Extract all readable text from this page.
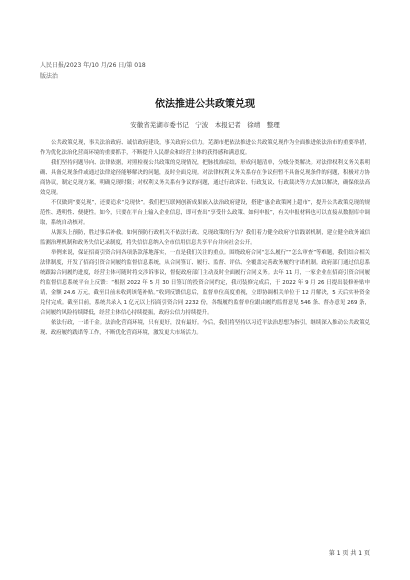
人民日报/2023 年/10 月/26 日/第 018
版法治
依法推进公共政策兑现
安徽省芜湖市委书记　宁波　本报记者　徐靖　整理

公共政策兑现，事关法治政府、诚信政府建设，事关政府公信力。芜湖市把依法推进公共政策兑现作为全面推进依法治市的重要举措，作为优化法治化营商环境的重要抓手，不断提升人民群众和经营主体的获得感和满意度。

我们坚持问题导向、法律依据，对照检视公共政策的兑现情况，把脉找准症结，形成问题清单，分级分类解决。对法律权利义务关系明确、具备兑现条件或通过法律途径能够解决的问题，及时全面兑现。对法律权利义务关系存在争议但暂不具备兑现条件的问题，积极对方协商协议，制定兑现方案，明确兑现时限；对权利义务关系有争议的问题，通过行政诉讼、行政复议、行政裁决等方式加以解决，确保依法高效兑现。

不仅做到“要兑现”，还要追求“兑现快”。我们把互联网创新成果嵌入法治政府建设，搭建“惠企政策网上超市”，提升公共政策兑现的规范性、透明性、便捷性。如今，只要在平台上输入企业信息，即可查出“享受什么政策、如何申报”，有关申报材料也可以直接从数据库中调取，系统自动核对。

从源头上预防，胜过事后补救。如何预防行政机关不依法行政、兑现政策的行为？我们着力健全政府守信践诺机制，建立健全政务诚信监测治理机制和政务失信记录制度，将失信信息纳入全市信用信息共享平台并向社会公开。

举例来说，保证招商引资合同各项条款落地落实，一直是我们关注的重点。围绕政府合同“怎么履行”“怎么审查”等难题，我们结合相关法律制度，开发了招商引资合同履约监督信息系统，从合同签订、履行、监督、评估、全覆盖完善政务履约守诺机制。政府部门通过信息系统跟踪合同履约进度，经营主体可随时将交涉诉事议，督促政府部门主动及时全面履行合同义务。去年 11 月，一家企业在招商引资合同履约监督信息系统平台上反馈：“根据 2022 年 5 月 30 日签订的投资合同约定，我司装修完成后，于 2022 年 9 月 26 日提出装修补贴申请，金额 24.6 万元，截至目前未收到该笔补贴。”收到反馈信息后，监督单位高度重视，立即协调相关单位于 12 月解决，5 天后实补资金兑付完成。截至目前，系统共录入 1 亿元以上招商引资合同 2232 份，各级履约监督单位跟由履约监督意见 546 条、督办意见 269 条，合同履约风险持续降低，经营主体信心持续提振，政府公信力持续提升。

依法行政，一诺千金。法治化营商环境，只有更好，没有最好。今后，我们将坚持以习近平法治思想为指引，继续深入推动公共政策兑现、政府履约践诺等工作，不断优化营商环境，激发更大市场活力。

第 1 页 共 1 页
